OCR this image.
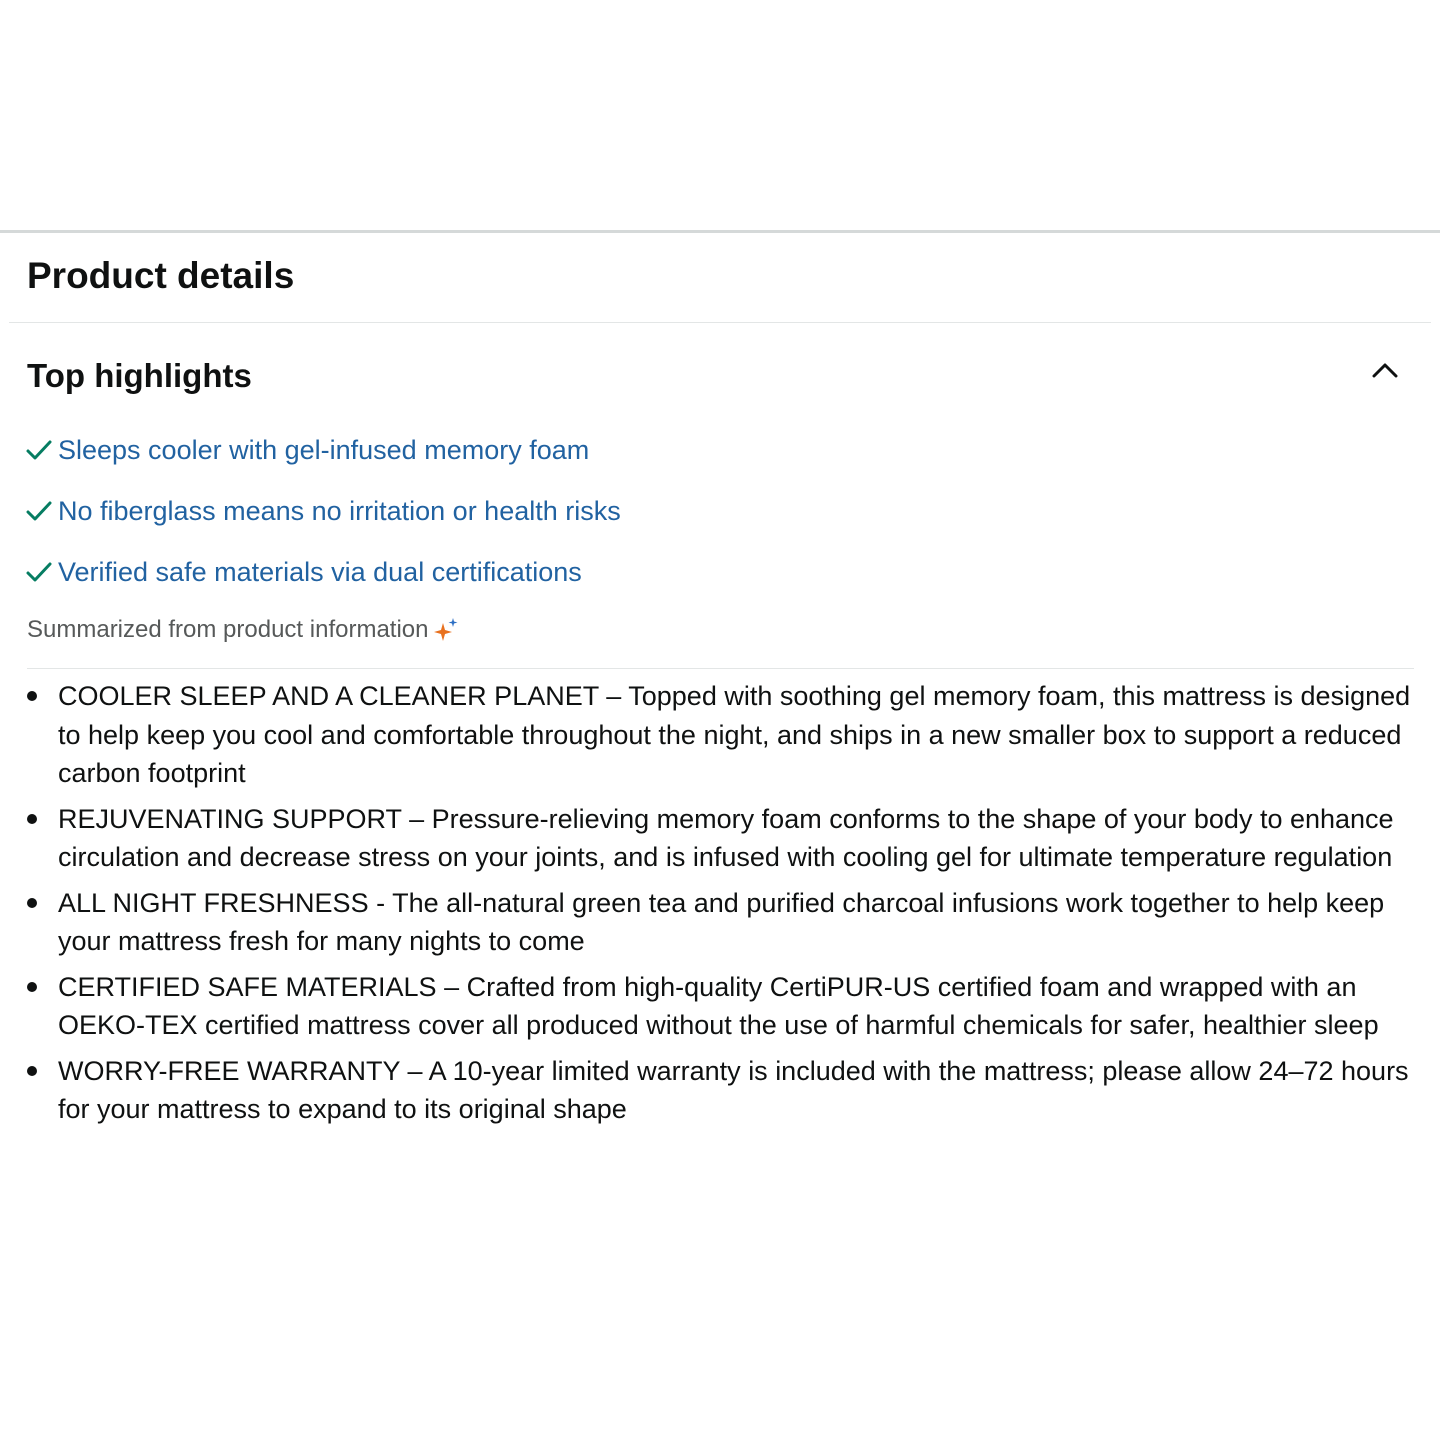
Product details
Top highlights
Sleeps cooler with gel-infused memory foam
No fiberglass means no irritation or health risks
Verified safe materials via dual certifications
Summarized from product information
COOLER SLEEP AND A CLEANER PLANET – Topped with soothing gel memory foam, this mattress is designed to help keep you cool and comfortable throughout the night, and ships in a new smaller box to support a reduced carbon footprint
REJUVENATING SUPPORT – Pressure-relieving memory foam conforms to the shape of your body to enhance circulation and decrease stress on your joints, and is infused with cooling gel for ultimate temperature regulation
ALL NIGHT FRESHNESS - The all-natural green tea and purified charcoal infusions work together to help keep your mattress fresh for many nights to come
CERTIFIED SAFE MATERIALS – Crafted from high-quality CertiPUR-US certified foam and wrapped with an OEKO-TEX certified mattress cover all produced without the use of harmful chemicals for safer, healthier sleep
WORRY-FREE WARRANTY – A 10-year limited warranty is included with the mattress; please allow 24–72 hours for your mattress to expand to its original shape
